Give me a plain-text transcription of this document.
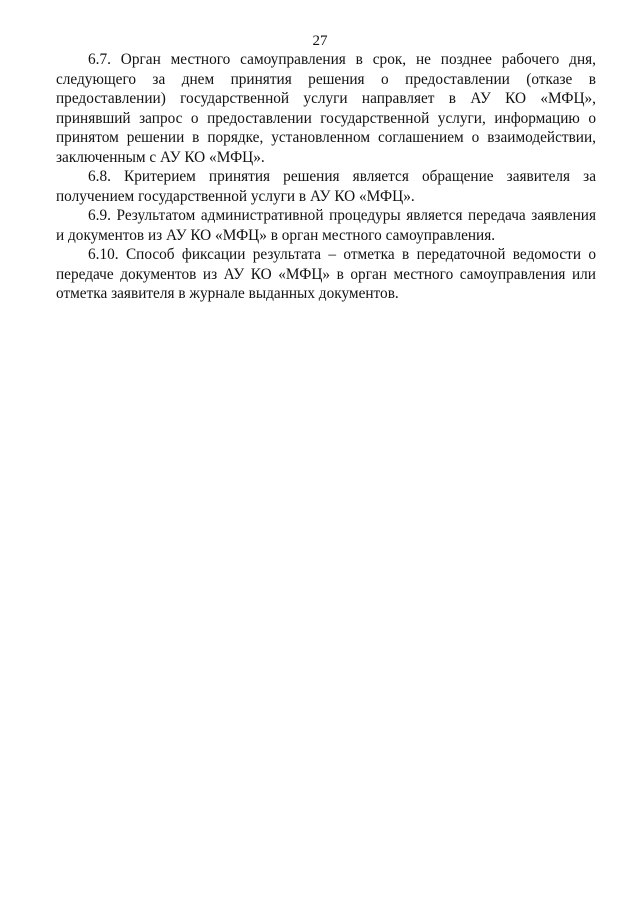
27

6.7. Орган местного самоуправления в срок, не позднее рабочего дня, следующего за днем принятия решения о предоставлении (отказе в предоставлении) государственной услуги направляет в АУ КО «МФЦ», принявший запрос о предоставлении государственной услуги, информацию о принятом решении в порядке, установленном соглашением о взаимодействии, заключенным с АУ КО «МФЦ».

6.8. Критерием принятия решения является обращение заявителя за получением государственной услуги в АУ КО «МФЦ».

6.9. Результатом административной процедуры является передача заявления и документов из АУ КО «МФЦ» в орган местного самоуправления.

6.10. Способ фиксации результата – отметка в передаточной ведомости о передаче документов из АУ КО «МФЦ» в орган местного самоуправления или отметка заявителя в журнале выданных документов.
